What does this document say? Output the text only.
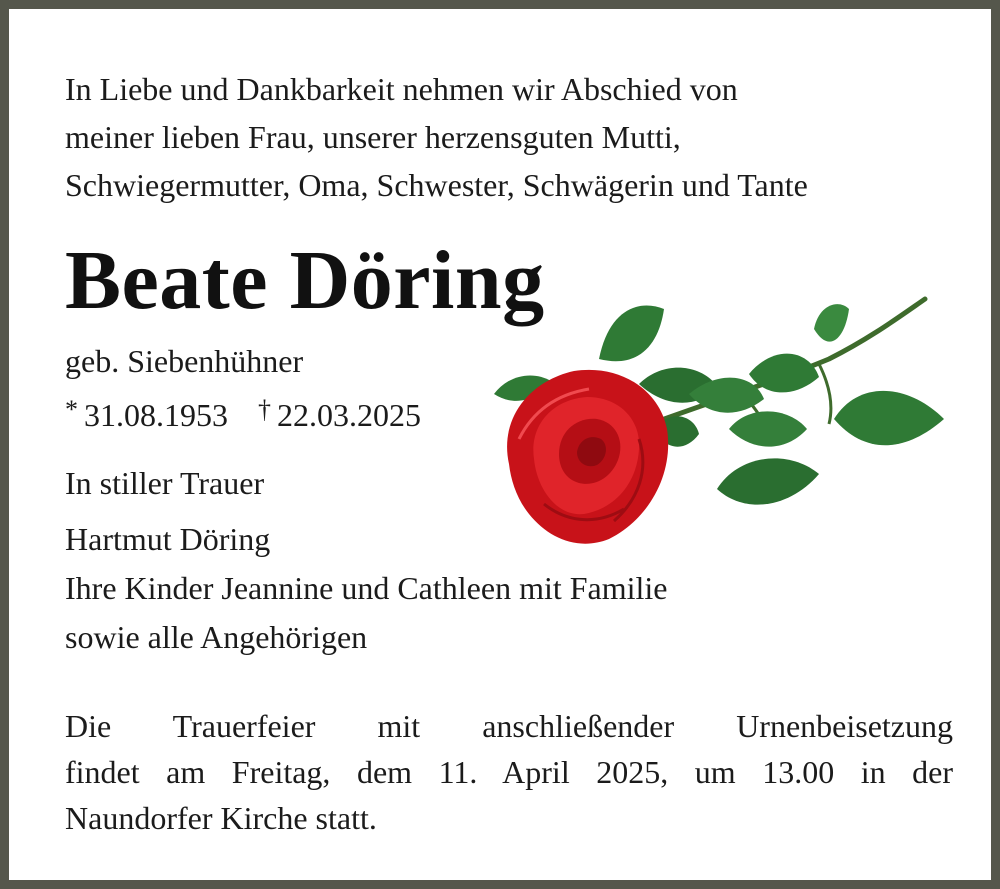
In Liebe und Dankbarkeit nehmen wir Abschied von
meiner lieben Frau, unserer herzensguten Mutti,
Schwiegermutter, Oma, Schwester, Schwägerin und Tante
Beate Döring
geb. Siebenhühner
* 31.08.1953 † 22.03.2025
In stiller Trauer
Hartmut Döring
Ihre Kinder Jeannine und Cathleen mit Familie
sowie alle Angehörigen
Die Trauerfeier mit anschließender Urnenbeisetzung
findet am Freitag, dem 11. April 2025, um 13.00 in der
Naundorfer Kirche statt.
